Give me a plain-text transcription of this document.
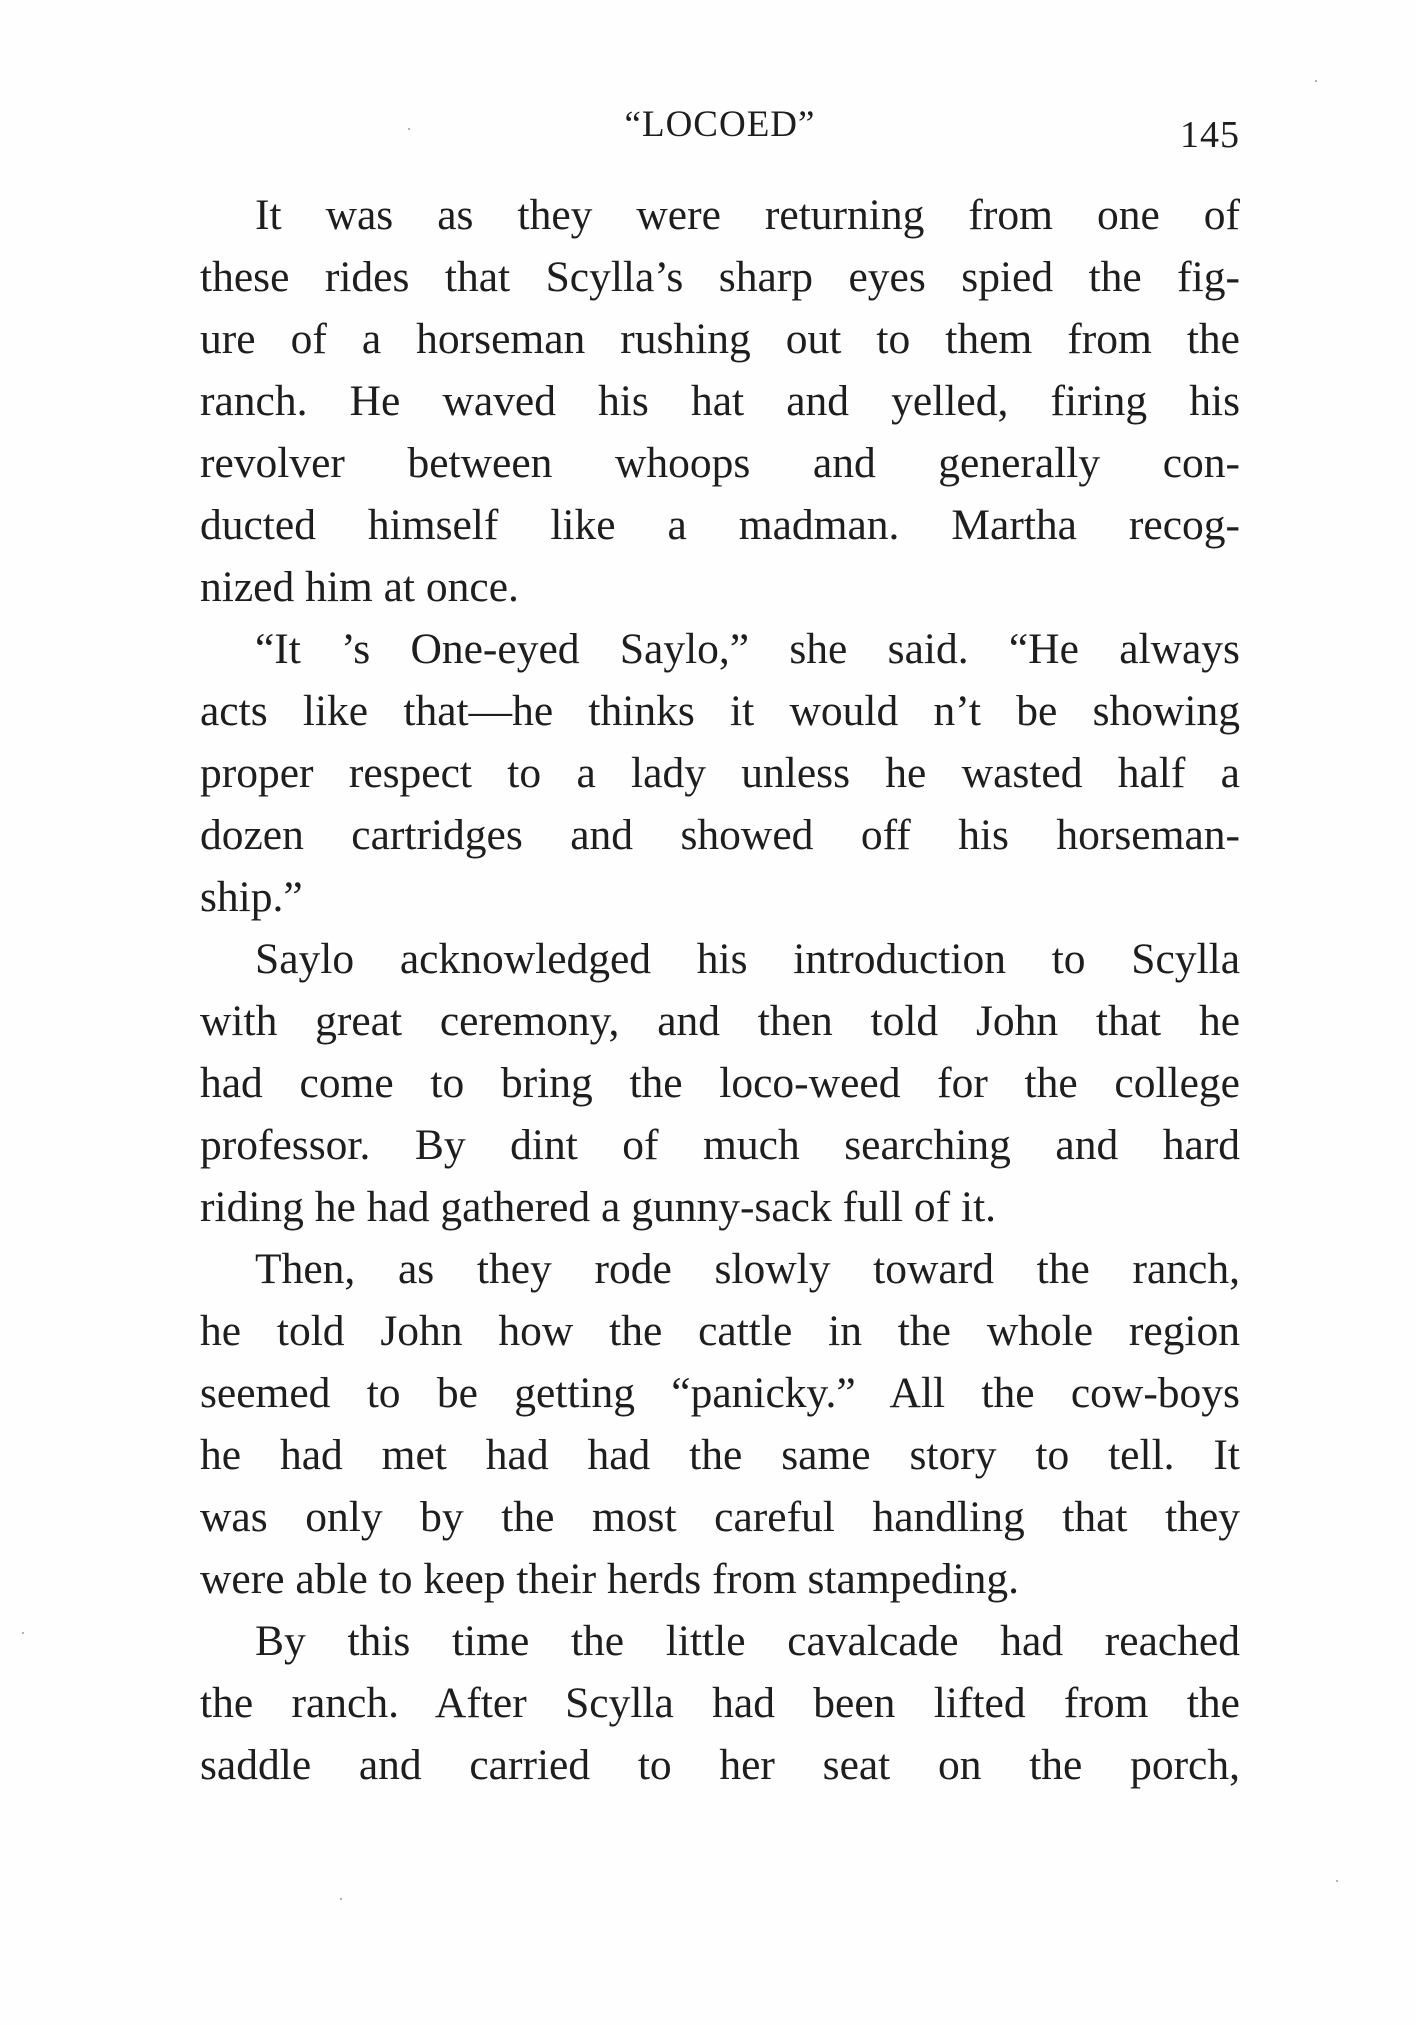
“LOCOED”	145
It was as they were returning from one of
these rides that Scylla’s sharp eyes spied the fig-
ure of a horseman rushing out to them from the
ranch. He waved his hat and yelled, firing his
revolver between whoops and generally con-
ducted himself like a madman. Martha recog-
nized him at once.
“It ’s One-eyed Saylo,” she said. “He always
acts like that—he thinks it would n’t be showing
proper respect to a lady unless he wasted half a
dozen cartridges and showed off his horseman-
ship.”
Saylo acknowledged his introduction to Scylla
with great ceremony, and then told John that he
had come to bring the loco-weed for the college
professor. By dint of much searching and hard
riding he had gathered a gunny-sack full of it.
Then, as they rode slowly toward the ranch,
he told John how the cattle in the whole region
seemed to be getting “panicky.” All the cow-boys
he had met had had the same story to tell. It
was only by the most careful handling that they
were able to keep their herds from stampeding.
By this time the little cavalcade had reached
the ranch. After Scylla had been lifted from the
saddle and carried to her seat on the porch,
